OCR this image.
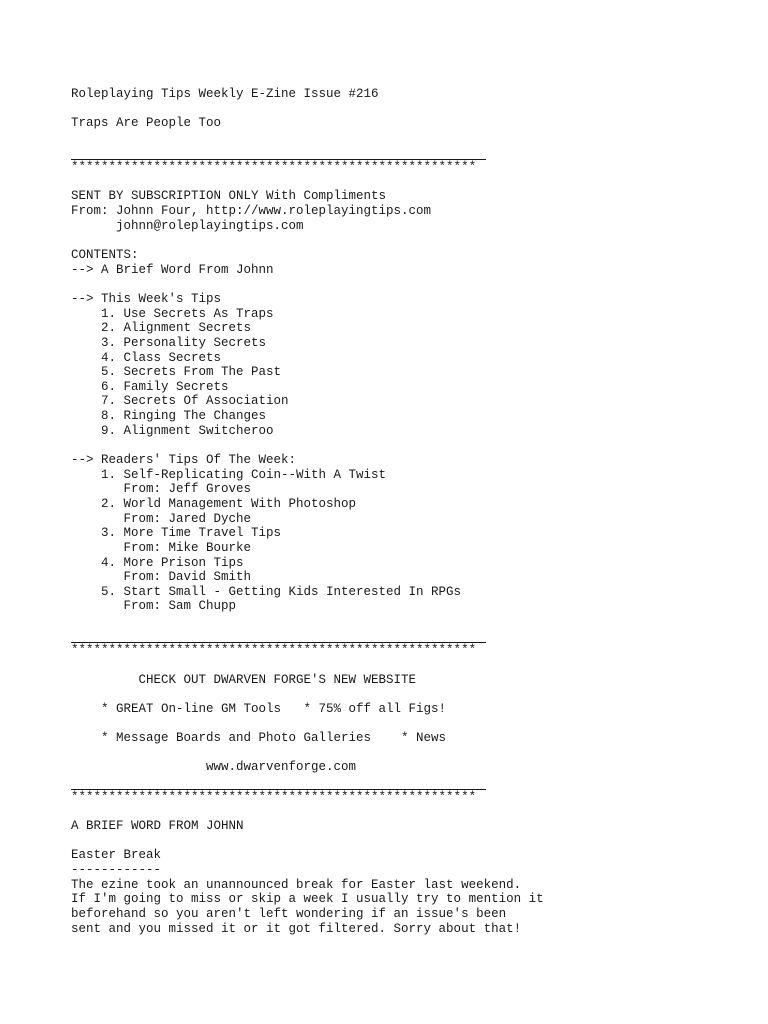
Roleplaying Tips Weekly E-Zine Issue #216
Traps Are People Too
******************************************************
SENT BY SUBSCRIPTION ONLY With Compliments
From: Johnn Four, http://www.roleplayingtips.com
johnn@roleplayingtips.com
CONTENTS:
--> A Brief Word From Johnn
--> This Week's Tips
1. Use Secrets As Traps
2. Alignment Secrets
3. Personality Secrets
4. Class Secrets
5. Secrets From The Past
6. Family Secrets
7. Secrets Of Association
8. Ringing The Changes
9. Alignment Switcheroo
--> Readers' Tips Of The Week:
1. Self-Replicating Coin--With A Twist
From: Jeff Groves
2. World Management With Photoshop
From: Jared Dyche
3. More Time Travel Tips
From: Mike Bourke
4. More Prison Tips
From: David Smith
5. Start Small - Getting Kids Interested In RPGs
From: Sam Chupp
******************************************************
CHECK OUT DWARVEN FORGE'S NEW WEBSITE
* GREAT On-line GM Tools   * 75% off all Figs!
* Message Boards and Photo Galleries    * News
www.dwarvenforge.com
******************************************************
A BRIEF WORD FROM JOHNN
Easter Break
------------
The ezine took an unannounced break for Easter last weekend.
If I'm going to miss or skip a week I usually try to mention it
beforehand so you aren't left wondering if an issue's been
sent and you missed it or it got filtered. Sorry about that!
